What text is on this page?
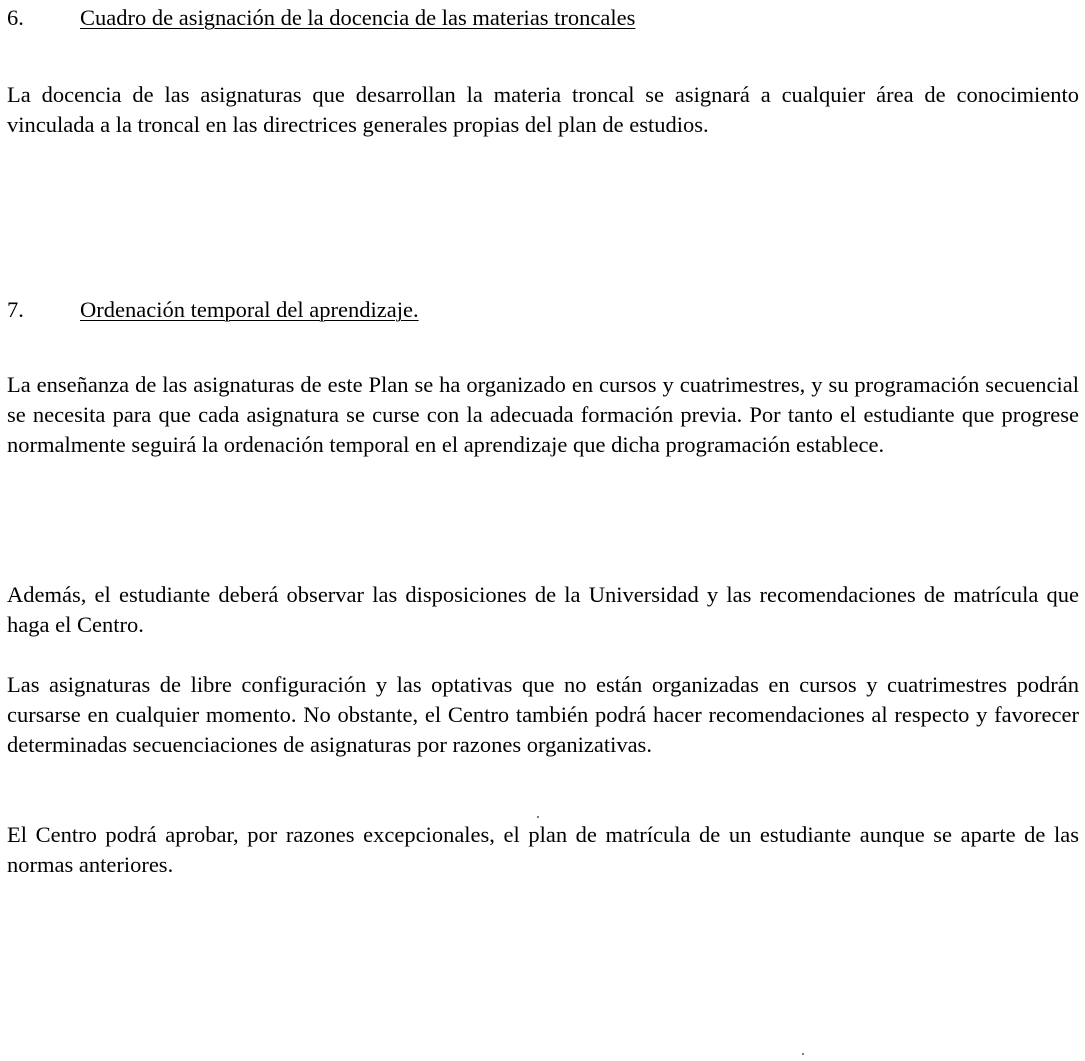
6. Cuadro de asignación de la docencia de las materias troncales

La docencia de las asignaturas que desarrollan la materia troncal se asignará a cualquier área de conocimiento vinculada a la troncal en las directrices generales propias del plan de estudios.

7. Ordenación temporal del aprendizaje.

La enseñanza de las asignaturas de este Plan se ha organizado en cursos y cuatrimestres, y su programación secuencial se necesita para que cada asignatura se curse con la adecuada formación previa. Por tanto el estudiante que progrese normalmente seguirá la ordenación temporal en el aprendizaje que dicha programación establece.

Además, el estudiante deberá observar las disposiciones de la Universidad y las recomendaciones de matrícula que haga el Centro.

Las asignaturas de libre configuración y las optativas que no están organizadas en cursos y cuatrimestres podrán cursarse en cualquier momento. No obstante, el Centro también podrá hacer recomendaciones al respecto y favorecer determinadas secuenciaciones de asignaturas por razones organizativas.

El Centro podrá aprobar, por razones excepcionales, el plan de matrícula de un estudiante aunque se aparte de las normas anteriores.
